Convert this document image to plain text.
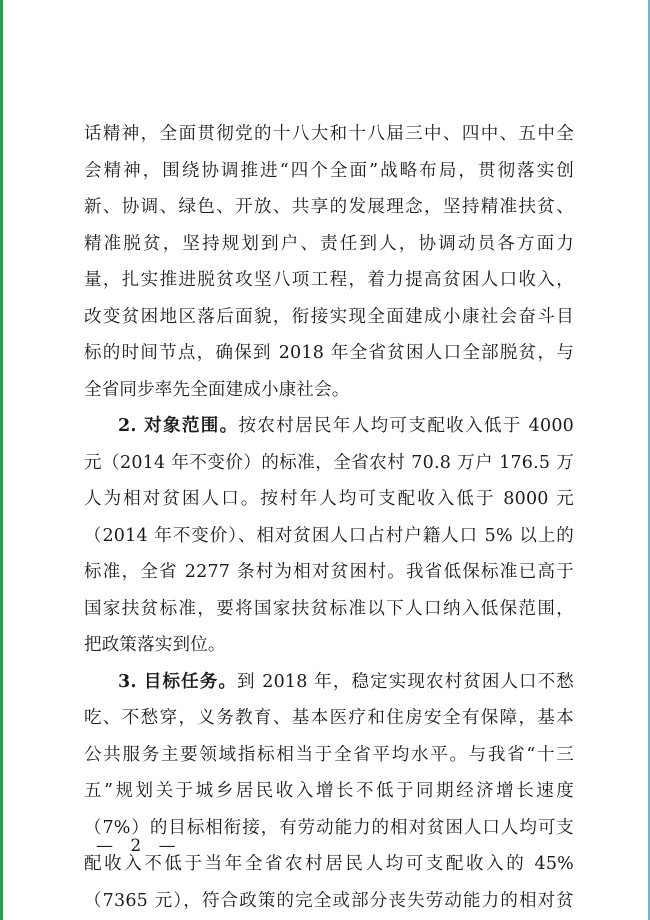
话精神，全面贯彻党的十八大和十八届三中、四中、五中全
会精神，围绕协调推进“四个全面”战略布局，贯彻落实创
新、协调、绿色、开放、共享的发展理念，坚持精准扶贫、
精准脱贫，坚持规划到户、责任到人，协调动员各方面力
量，扎实推进脱贫攻坚八项工程，着力提高贫困人口收入，
改变贫困地区落后面貌，衔接实现全面建成小康社会奋斗目
标的时间节点，确保到 2018 年全省贫困人口全部脱贫，与
全省同步率先全面建成小康社会。
2. 对象范围。按农村居民年人均可支配收入低于 4000
元（2014 年不变价）的标准，全省农村 70.8 万户 176.5 万
人为相对贫困人口。按村年人均可支配收入低于 8000 元
（2014 年不变价）、相对贫困人口占村户籍人口 5% 以上的
标准，全省 2277 条村为相对贫困村。我省低保标准已高于
国家扶贫标准，要将国家扶贫标准以下人口纳入低保范围，
把政策落实到位。
3. 目标任务。到 2018 年，稳定实现农村贫困人口不愁
吃、不愁穿，义务教育、基本医疗和住房安全有保障，基本
公共服务主要领域指标相当于全省平均水平。与我省“十三
五”规划关于城乡居民收入增长不低于同期经济增长速度
（7%）的目标相衔接，有劳动能力的相对贫困人口人均可支
配收入不低于当年全省农村居民人均可支配收入的 45%
（7365 元），符合政策的完全或部分丧失劳动能力的相对贫
— 2 —
